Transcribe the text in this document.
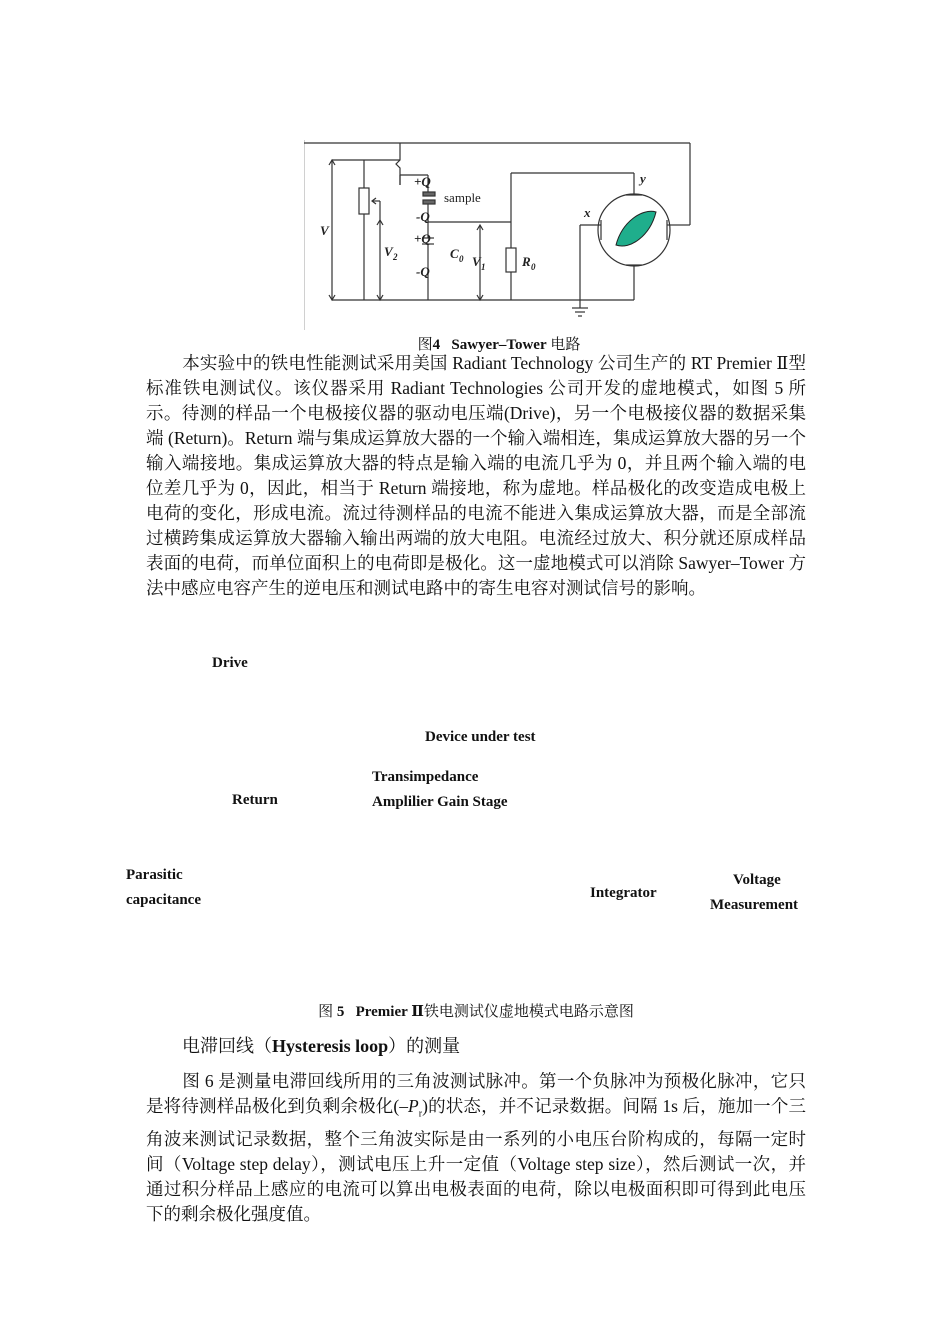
+Q
-Q
+Q
-Q
sample
V
V 2	C 0 V 1	R 0
x
y
图4 Sawyer–Tower 电路
本实验中的铁电性能测试采用美国 Radiant Technology 公司生产的 RT Premier Ⅱ型标准铁电测试仪。该仪器采用 Radiant Technologies 公司开发的虚地模式，如图 5 所示。待测的样品一个电极接仪器的驱动电压端(Drive)，另一个电极接仪器的数据采集端 (Return)。Return 端与集成运算放大器的一个输入端相连，集成运算放大器的另一个输入端接地。集成运算放大器的特点是输入端的电流几乎为 0，并且两个输入端的电位差几乎为 0，因此，相当于 Return 端接地，称为虚地。样品极化的改变造成电极上电荷的变化，形成电流。流过待测样品的电流不能进入集成运算放大器，而是全部流过横跨集成运算放大器输入输出两端的放大电阻。电流经过放大、积分就还原成样品表面的电荷，而单位面积上的电荷即是极化。这一虚地模式可以消除 Sawyer–Tower 方法中感应电容产生的逆电压和测试电路中的寄生电容对测试信号的影响。
Drive
Device under test
Transimpedance
Return	Amplilier Gain Stage
Parasitic	Voltage
Integrator
capacitance	Measurement
图 5 Premier Ⅱ铁电测试仪虚地模式电路示意图
电滞回线（Hysteresis loop）的测量
图 6 是测量电滞回线所用的三角波测试脉冲。第一个负脉冲为预极化脉冲，它只是将待测样品极化到负剩余极化$(-P_r)$的状态，并不记录数据。间隔 1s 后，施加一个三角波来测试记录数据，整个三角波实际是由一系列的小电压台阶构成的，每隔一定时间（Voltage step delay），测试电压上升一定值（Voltage step size），然后测试一次，并通过积分样品上感应的电流可以算出电极表面的电荷，除以电极面积即可得到此电压下的剩余极化强度值。
